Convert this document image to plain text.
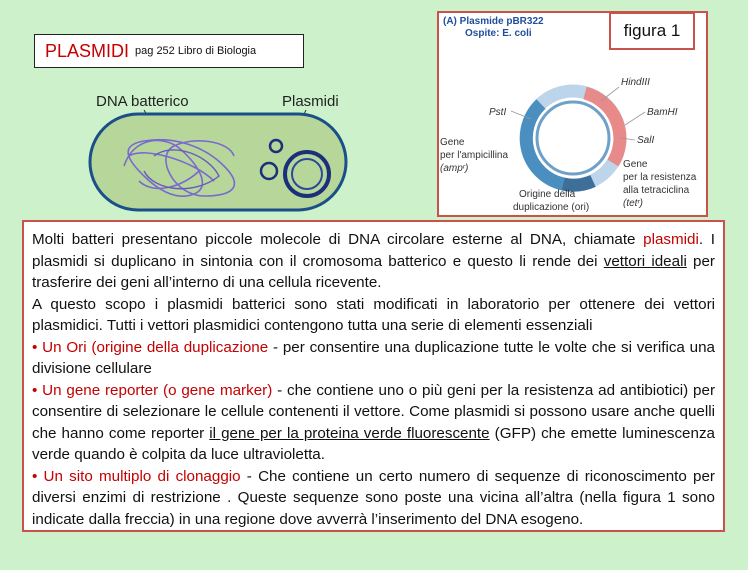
PLASMIDI pag 252 Libro di Biologia
DNA batterico	Plasmidi
(A) Plasmide pBR322
Ospite: E. coli
HindIII
PstI	BamHI
SalI
Gene
per l'ampicillina
(ampʳ)	Gene
per la resistenza
alla tetraciclina
(tetʳ)
Origine della
duplicazione (ori)
figura 1

Molti batteri presentano piccole molecole di DNA circolare esterne al DNA, chiamate plasmidi. I plasmidi si duplicano in sintonia con il cromosoma batterico e questo li rende dei vettori ideali per trasferire dei geni all’interno di una cellula ricevente.

A questo scopo i plasmidi batterici sono stati modificati in laboratorio per ottenere dei vettori plasmidici. Tutti i vettori plasmidici contengono tutta una serie di elementi essenziali

• Un Ori (origine della duplicazione - per consentire una duplicazione tutte le volte che si verifica una divisione cellulare

• Un gene reporter (o gene marker) - che contiene uno o più geni per la resistenza ad antibiotici) per consentire di selezionare le cellule contenenti il vettore. Come plasmidi si possono usare anche quelli che hanno come reporter il gene per la proteina verde fluorescente (GFP) che emette luminescenza verde quando è colpita da luce ultravioletta.

• Un sito multiplo di clonaggio - Che contiene un certo numero di sequenze di riconoscimento per diversi enzimi di restrizione . Queste sequenze sono poste una vicina all’altra (nella figura 1 sono indicate dalla freccia) in una regione dove avverrà l’inserimento del DNA esogeno.
